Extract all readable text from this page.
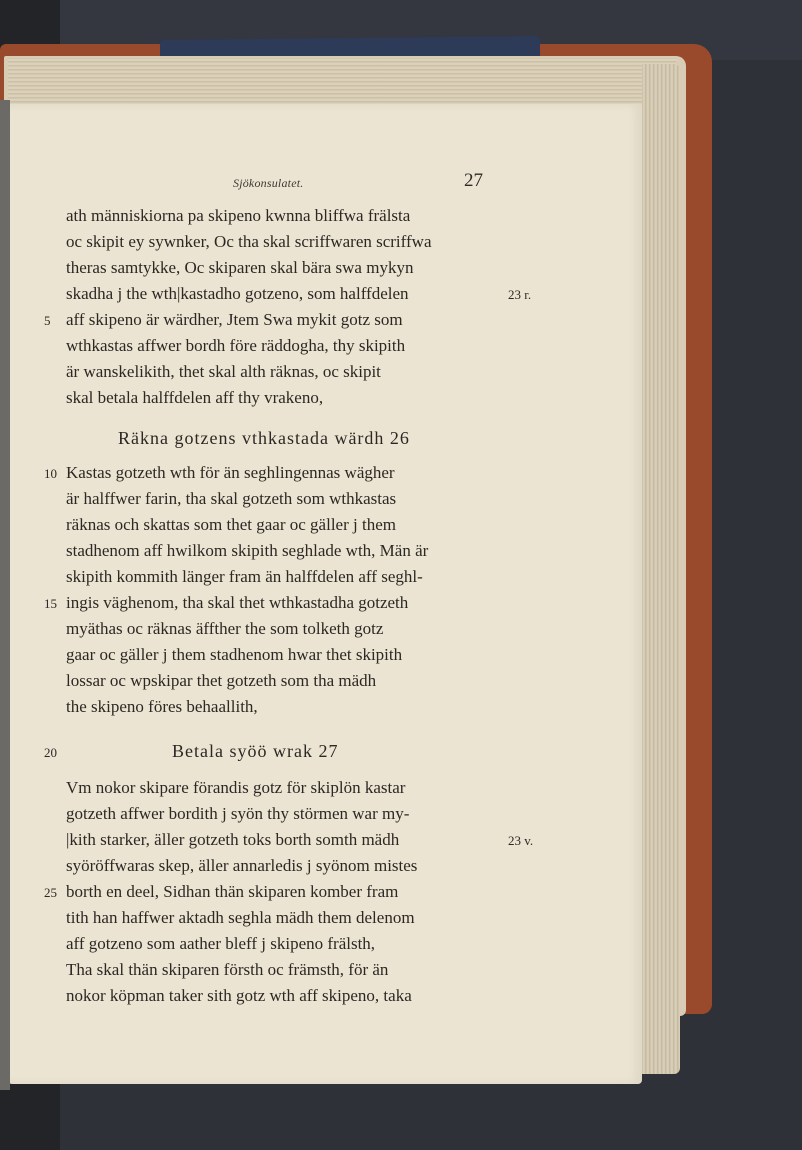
Sjökonsulatet.	27
ath människiorna pa skipeno kwnna bliffwa frälsta
oc skipit ey sywnker, Oc tha skal scriffwaren scriffwa
theras samtykke, Oc skiparen skal bära swa mykyn
skadha j the wth|kastadho gotzeno, som halffdelen
aff skipeno är wärdher, Jtem Swa mykit gotz som
wthkastas affwer bordh före räddogha, thy skipith
är wanskelikith, thet skal alth räknas, oc skipit
skal betala halffdelen aff thy vrakeno,
Räkna gotzens vthkastada wärdh 26
Kastas gotzeth wth för än seghlingennas wägher
är halffwer farin, tha skal gotzeth som wthkastas
räknas och skattas som thet gaar oc gäller j them
stadhenom aff hwilkom skipith seghlade wth, Män är
skipith kommith länger fram än halffdelen aff seghl-
ingis väghenom, tha skal thet wthkastadha gotzeth
myäthas oc räknas äffther the som tolketh gotz
gaar oc gäller j them stadhenom hwar thet skipith
lossar oc wpskipar thet gotzeth som tha mädh
the skipeno föres behaallith,
Betala syöö wrak 27
Vm nokor skipare förandis gotz för skiplön kastar
gotzeth affwer bordith j syön thy störmen war my-
|kith starker, äller gotzeth toks borth somth mädh
syöröffwaras skep, äller annarledis j syönom mistes
borth en deel, Sidhan thän skiparen komber fram
tith han haffwer aktadh seghla mädh them delenom
aff gotzeno som aather bleff j skipeno frälsth,
Tha skal thän skiparen försth oc främsth, för än
nokor köpman taker sith gotz wth aff skipeno, taka
5
10
15
20
25
23 r.
23 v.
